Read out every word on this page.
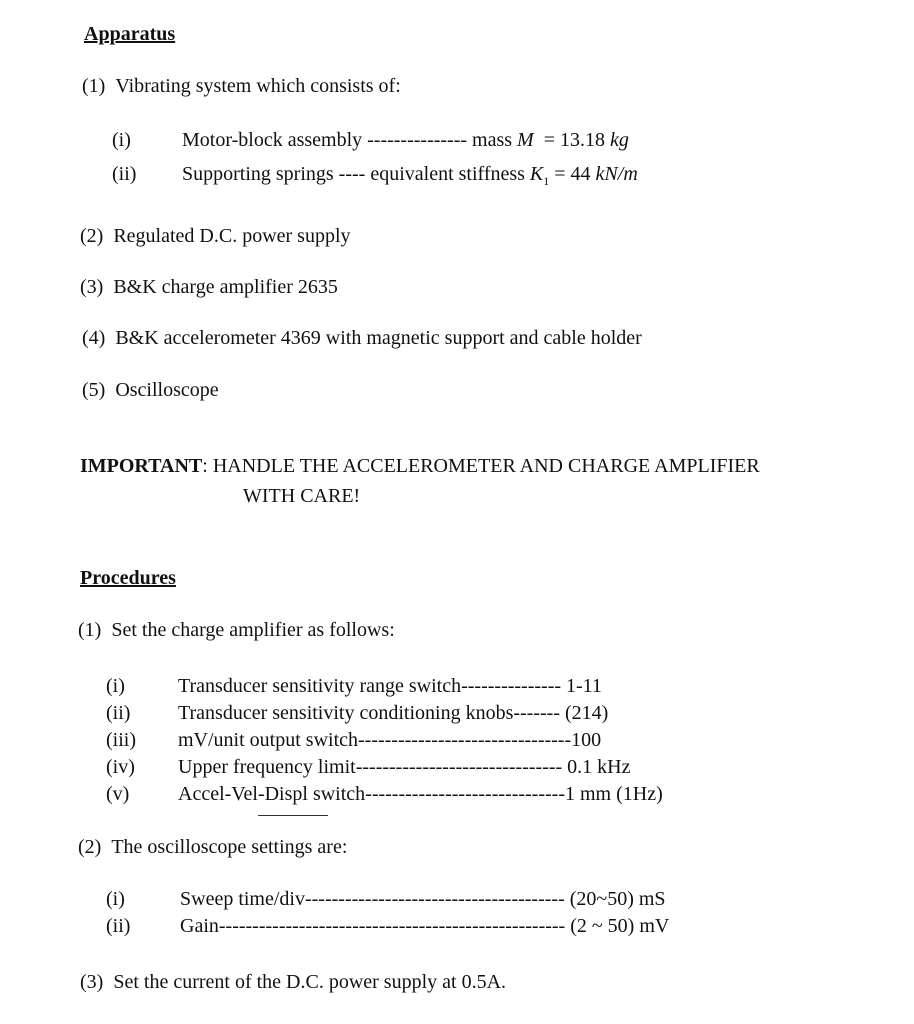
Apparatus
(1) Vibrating system which consists of:
(i)	Motor-block assembly --------------- mass M = 13.18 kg
(ii) Supporting springs ---- equivalent stiffness $K_1 = 44$ kN/m
(2) Regulated D.C. power supply
(3) B&K charge amplifier 2635
(4) B&K accelerometer 4369 with magnetic support and cable holder
(5) Oscilloscope
IMPORTANT: HANDLE THE ACCELEROMETER AND CHARGE AMPLIFIER
WITH CARE!
Procedures
(1) Set the charge amplifier as follows:
(i)	Transducer sensitivity range switch--------------- 1-11
(ii) Transducer sensitivity conditioning knobs------- (214)
(iii) mV/unit output switch--------------------------------100
(iv) Upper frequency limit------------------------------- 0.1 kHz
(v) Accel-Vel-Displ switch------------------------------1 mm (1Hz)
(2) The oscilloscope settings are:
(i)	Sweep time/div--------------------------------------- (20~50) mS
(ii) Gain---------------------------------------------------- (2 ~ 50) mV
(3) Set the current of the D.C. power supply at 0.5A.
